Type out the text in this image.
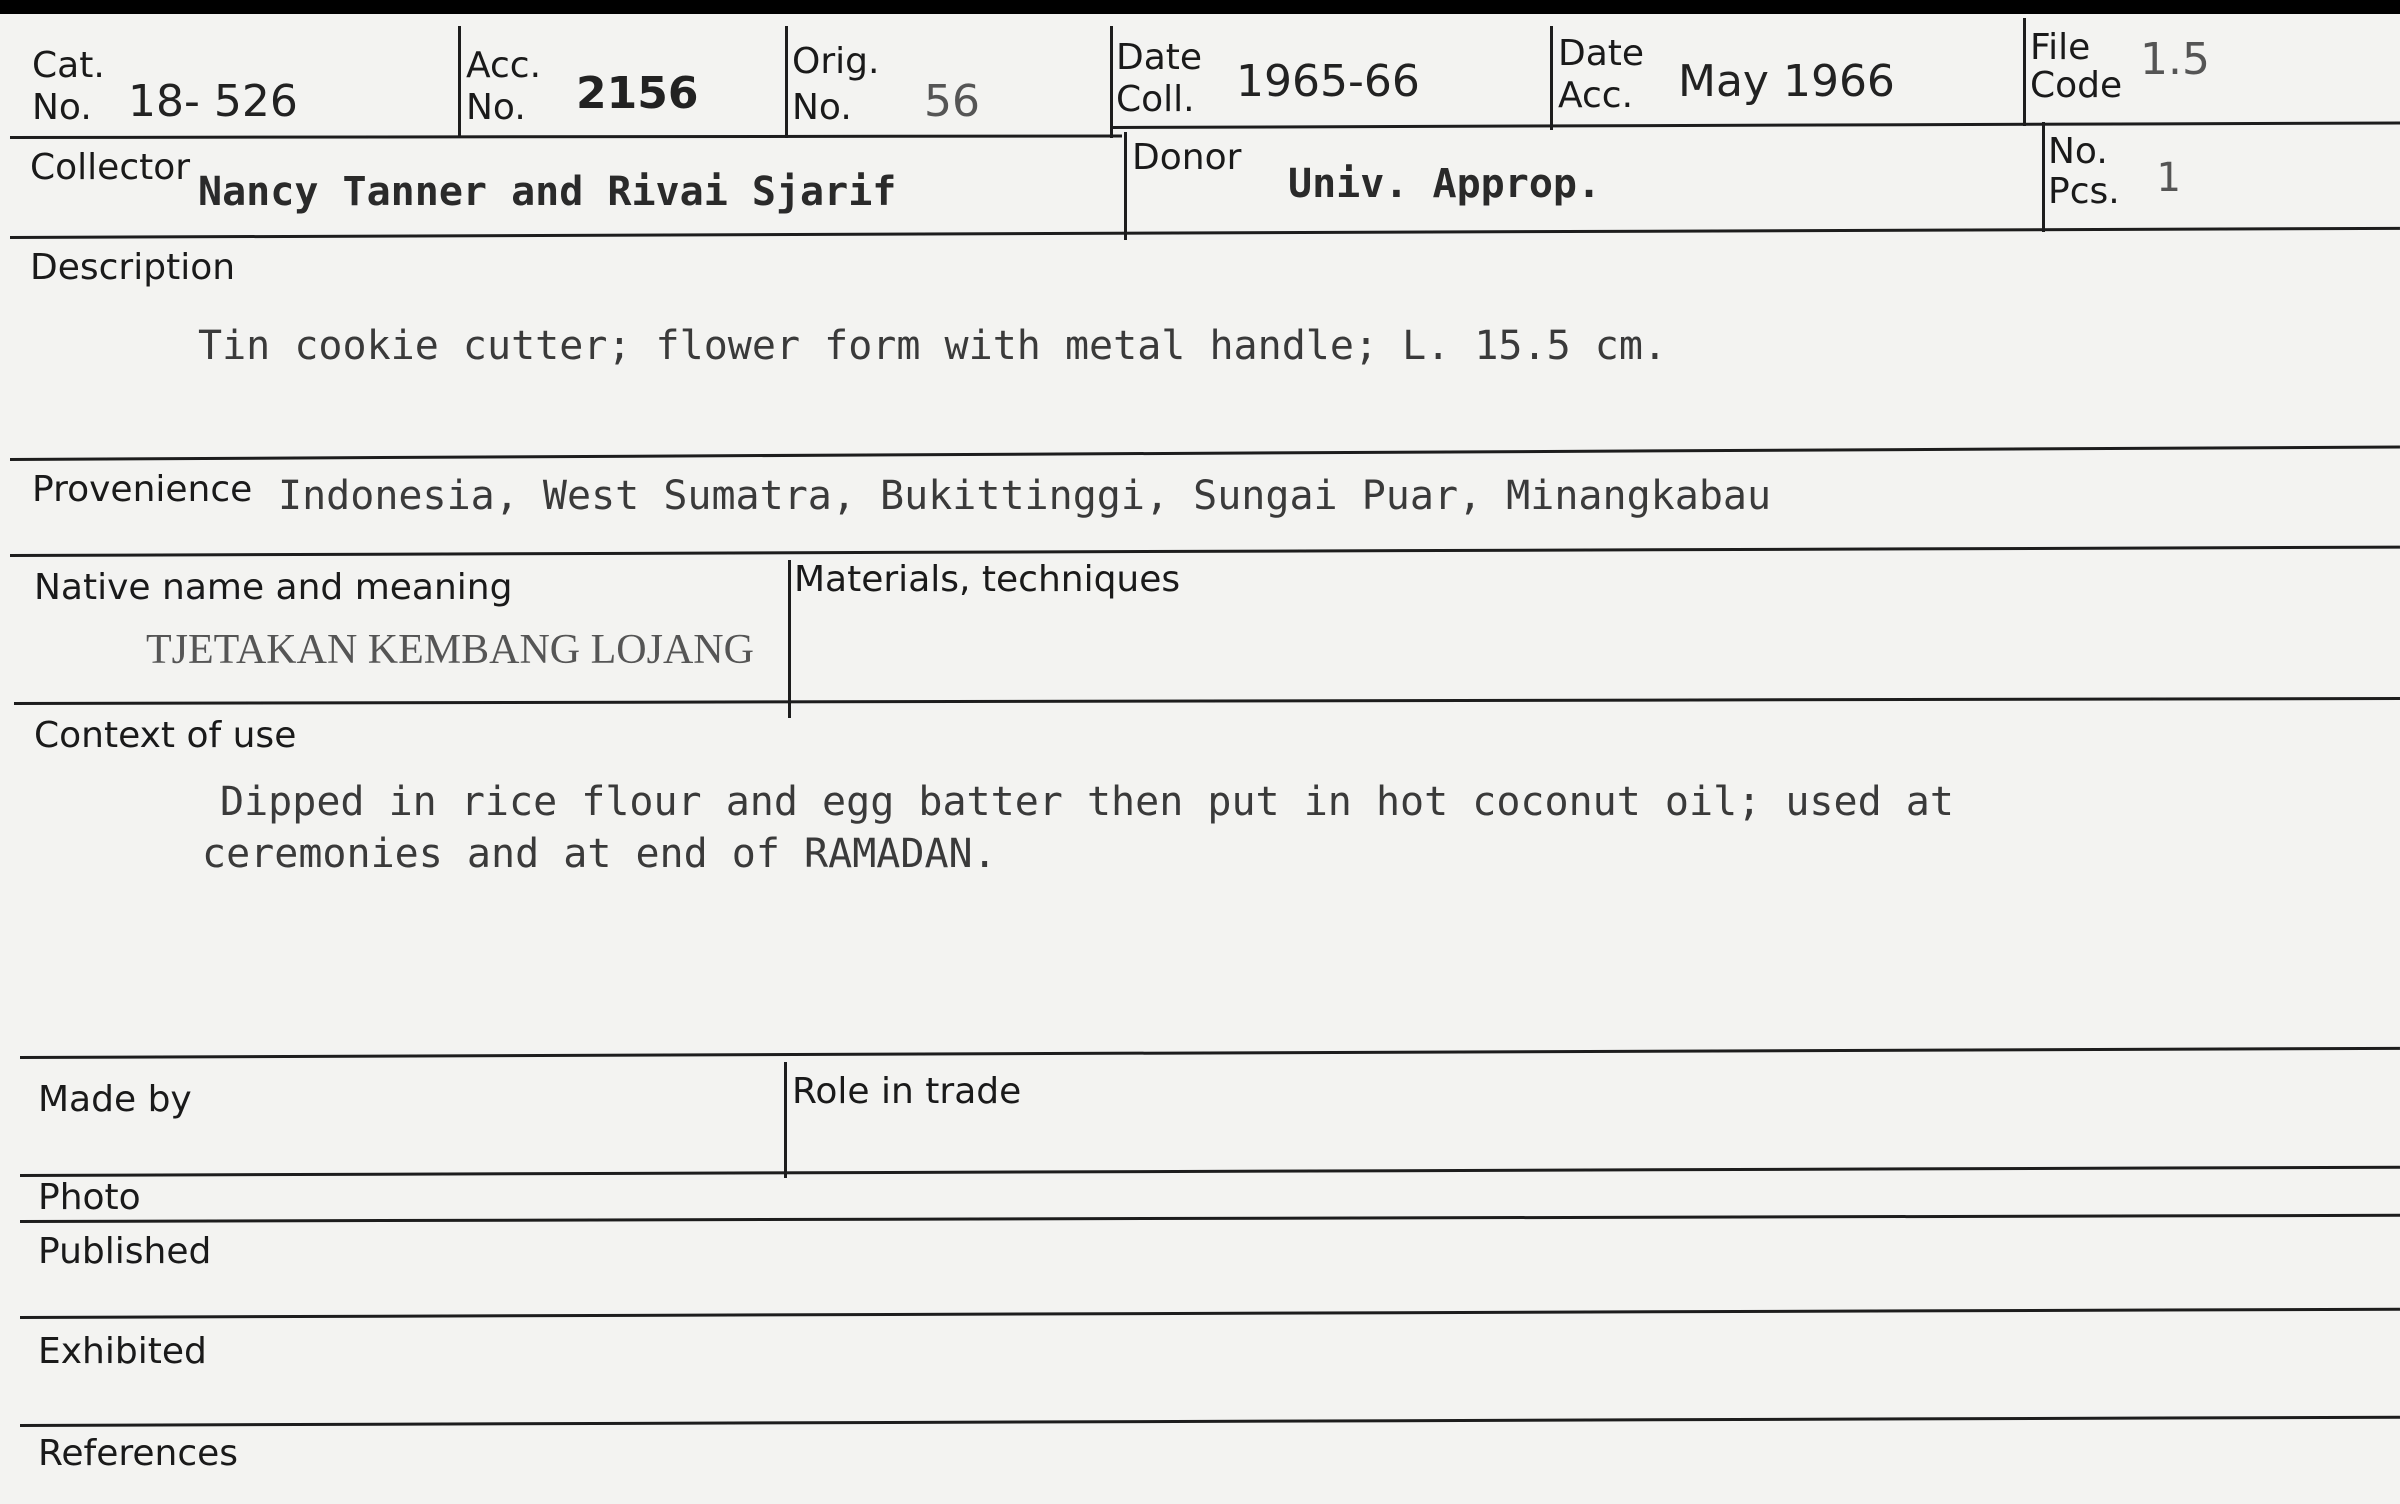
Cat.
No. 18- 526
Acc.
No. 2156
Orig.
No. 56
Date
Coll. 1965-66
Date
Acc. May 1966
File
Code
1.5
Collector
Nancy Tanner and Rivai Sjarif
Donor
Univ. Approp.
No.
Pcs. 1
Description
Tin cookie cutter; flower form with metal handle; L. 15.5 cm.
Provenience Indonesia, West Sumatra, Bukittinggi, Sungai Puar, Minangkabau
Native name and meaning
TJETAKAN KEMBANG LOJANG
Materials, techniques
Context of use
Dipped in rice flour and egg batter then put in hot coconut oil; used at
ceremonies and at end of RAMADAN.
Made by	Role in trade
Photo
Published
Exhibited
References
